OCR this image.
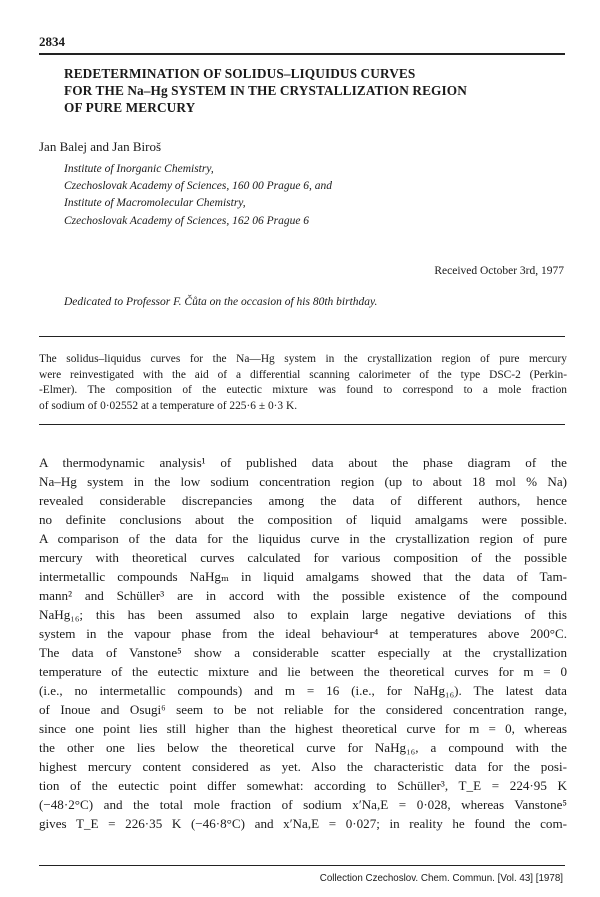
2834
REDETERMINATION OF SOLIDUS–LIQUIDUS CURVES
FOR THE Na–Hg SYSTEM IN THE CRYSTALLIZATION REGION
OF PURE MERCURY
Jan Balej and Jan Biroš
Institute of Inorganic Chemistry,
Czechoslovak Academy of Sciences, 160 00 Prague 6, and
Institute of Macromolecular Chemistry,
Czechoslovak Academy of Sciences, 162 06 Prague 6
Received October 3rd, 1977
Dedicated to Professor F. Čůta on the occasion of his 80th birthday.
The solidus–liquidus curves for the Na—Hg system in the crystallization region of pure mercury
were reinvestigated with the aid of a differential scanning calorimeter of the type DSC-2 (Perkin-
-Elmer). The composition of the eutectic mixture was found to correspond to a mole fraction
of sodium of 0·02552 at a temperature of 225·6 ± 0·3 K.
A thermodynamic analysis¹ of published data about the phase diagram of the
Na–Hg system in the low sodium concentration region (up to about 18 mol % Na)
revealed considerable discrepancies among the data of different authors, hence
no definite conclusions about the composition of liquid amalgams were possible.
A comparison of the data for the liquidus curve in the crystallization region of pure
mercury with theoretical curves calculated for various composition of the possible
intermetallic compounds NaHgₘ in liquid amalgams showed that the data of Tam-
mann² and Schüller³ are in accord with the possible existence of the compound
NaHg₁₆; this has been assumed also to explain large negative deviations of this
system in the vapour phase from the ideal behaviour⁴ at temperatures above 200°C.
The data of Vanstone⁵ show a considerable scatter especially at the crystallization
temperature of the eutectic mixture and lie between the theoretical curves for m = 0
(i.e., no intermetallic compounds) and m = 16 (i.e., for NaHg₁₆). The latest data
of Inoue and Osugi⁶ seem to be not reliable for the considered concentration range,
since one point lies still higher than the highest theoretical curve for m = 0, whereas
the other one lies below the theoretical curve for NaHg₁₆, a compound with the
highest mercury content considered as yet. Also the characteristic data for the posi-
tion of the eutectic point differ somewhat: according to Schüller³, T_E = 224·95 K
(−48·2°C) and the total mole fraction of sodium x′Na,E = 0·028, whereas Vanstone⁵
gives T_E = 226·35 K (−46·8°C) and x′Na,E = 0·027; in reality he found the com-
Collection Czechoslov. Chem. Commun. [Vol. 43] [1978]
